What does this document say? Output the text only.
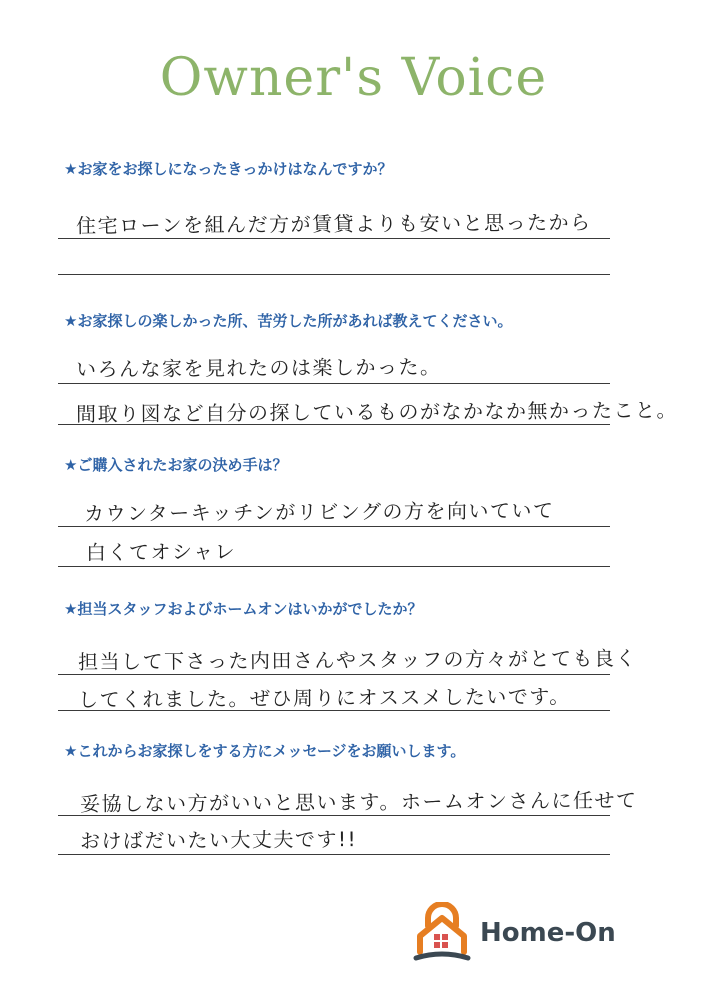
Owner's Voice
★お家をお探しになったきっかけはなんですか？
住宅ローンを組んだ方が賃貸よりも安いと思ったから
★お家探しの楽しかった所、苦労した所があれば教えてください。
いろんな家を見れたのは楽しかった。
間取り図など自分の探しているものがなかなか無かったこと。
★ご購入されたお家の決め手は？
カウンターキッチンがリビングの方を向いていて
白くてオシャレ
★担当スタッフおよびホームオンはいかがでしたか？
担当して下さった内田さんやスタッフの方々がとても良く
してくれました。ぜひ周りにオススメしたいです。
★これからお家探しをする方にメッセージをお願いします。
妥協しない方がいいと思います。ホームオンさんに任せて
おけばだいたい大丈夫です!!
Home-On
